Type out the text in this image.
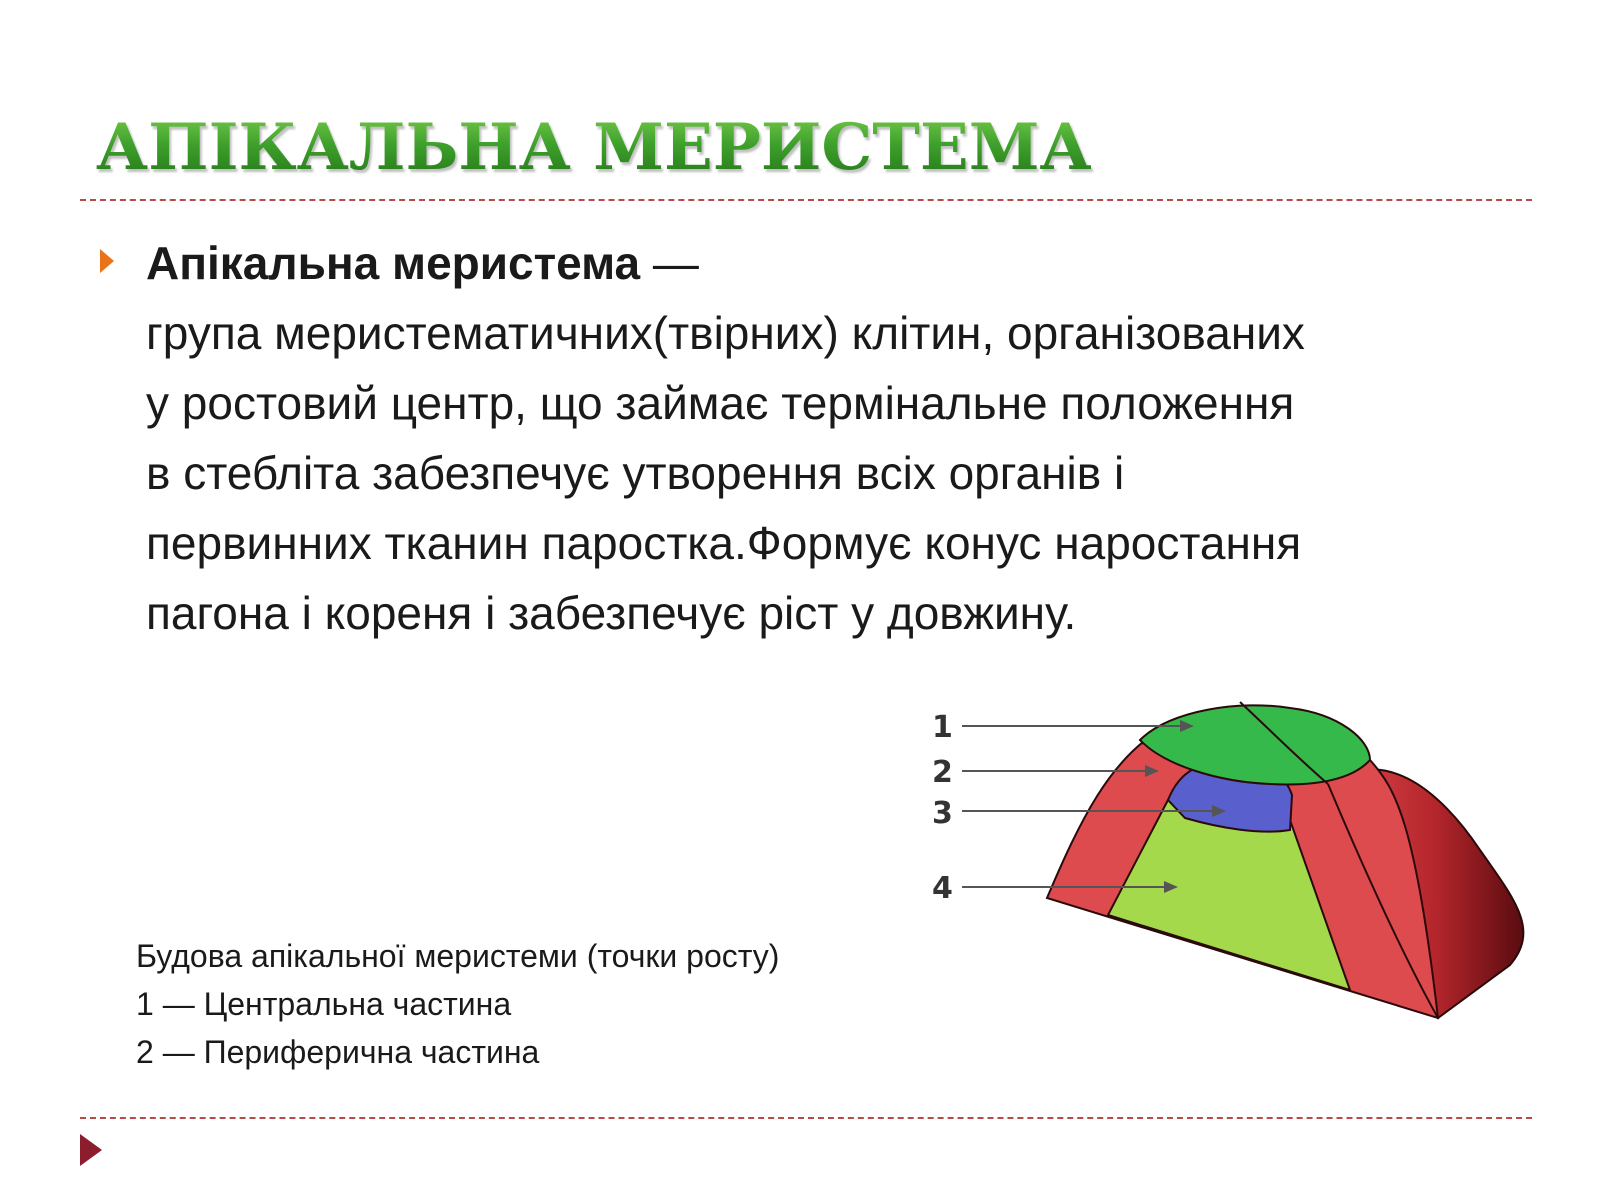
АПІКАЛЬНА МЕРИСТЕМА
Апікальна меристема —
група меристематичних(твірних) клітин, організованих
у ростовий центр, що займає термінальне положення
в стебліта забезпечує утворення всіх органів і
первинних тканин паростка.Формує конус наростання
пагона і кореня і забезпечує ріст у довжину.
Будова апікальної меристеми (точки росту)
1 — Центральна частина
2 — Периферична частина
1
2
3
4
